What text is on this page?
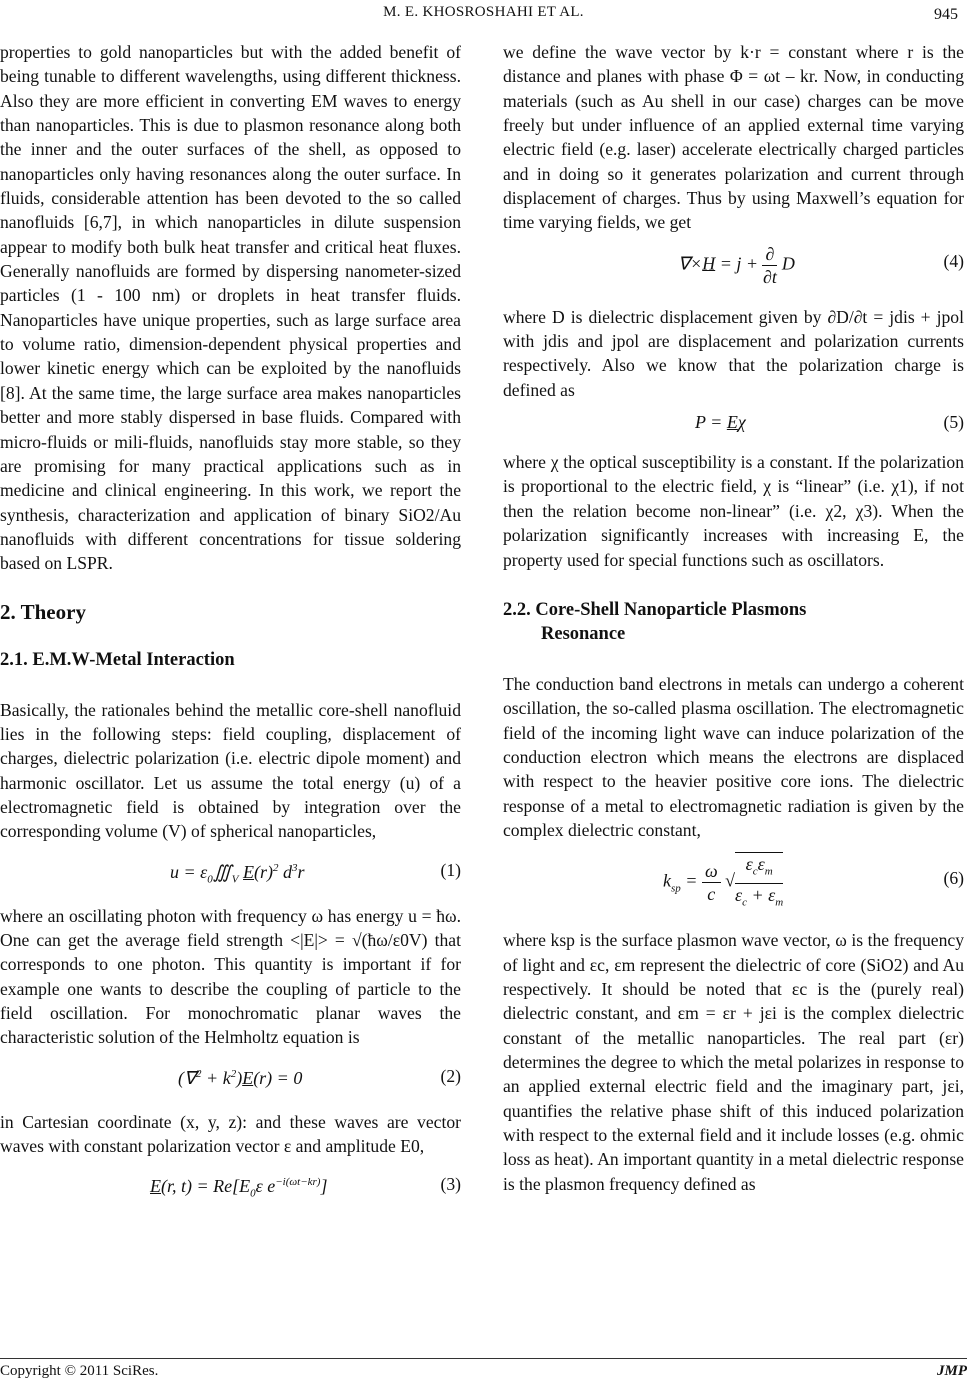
M. E. KHOSROSHAHI ET AL.	945

properties to gold nanoparticles but with the added benefit of being tunable to different wavelengths, using different thickness. Also they are more efficient in converting EM waves to energy than nanoparticles. This is due to plasmon resonance along both the inner and the outer surfaces of the shell, as opposed to nanoparticles only having resonances along the outer surface. In fluids, considerable attention has been devoted to the so called nanofluids [6,7], in which nanoparticles in dilute suspension appear to modify both bulk heat transfer and critical heat fluxes. Generally nanofluids are formed by dispersing nanometer-sized particles (1 - 100 nm) or droplets in heat transfer fluids. Nanoparticles have unique properties, such as large surface area to volume ratio, dimension-dependent physical properties and lower kinetic energy which can be exploited by the nanofluids [8]. At the same time, the large surface area makes nanoparticles better and more stably dispersed in base fluids. Compared with micro-fluids or mili-fluids, nanofluids stay more stable, so they are promising for many practical applications such as in medicine and clinical engineering. In this work, we report the synthesis, characterization and application of binary SiO2/Au nanofluids with different concentrations for tissue soldering based on LSPR.

2. Theory
2.1. E.M.W-Metal Interaction

Basically, the rationales behind the metallic core-shell nanofluid lies in the following steps: field coupling, displacement of charges, dielectric polarization (i.e. electric dipole moment) and harmonic oscillator. Let us assume the total energy (u) of a electromagnetic field is obtained by integration over the corresponding volume (V) of spherical nanoparticles,

$u = \varepsilon_0∭_V$ $E(r)^2$ $d^3r$	(1)

where an oscillating photon with frequency ω has energy u = ħω. One can get the average field strength <|E|> = √(ħω/ε0V) that corresponds to one photon. This quantity is important if for example one wants to describe the coupling of particle to the field oscillation. For monochromatic planar waves the characteristic solution of the Helmholtz equation is

$(\nabla^2 + k^2)E(r) = 0$	(2)

in Cartesian coordinate (x, y, z): and these waves are vector waves with constant polarization vector ε and amplitude E0,

E(r, $t) = Re[E_0\varepsilon$ $e^{-i(\omega t-kr)}$]	(3)

we define the wave vector by k·r = constant where r is the distance and planes with phase Φ = ωt – kr. Now, in conducting materials (such as Au shell in our case) charges can be move freely but under influence of an applied external time varying electric field (e.g. laser) accelerate electrically charged particles and in doing so it generates polarization and current through displacement of charges. Thus by using Maxwell’s equation for time varying fields, we get

$\nabla\times H = j + \frac{\partial}{\partial t}$ D	(4)

where D is dielectric displacement given by ∂D/∂t = jdis + jpol with jdis and jpol are displacement and polarization currents respectively. Also we know that the polarization charge is defined as

P = Eχ	(5)

where χ the optical susceptibility is a constant. If the polarization is proportional to the electric field, χ is “linear” (i.e. χ1), if not then the relation become non-linear” (i.e. χ2, χ3). When the polarization significantly increases with increasing E, the property used for special functions such as oscillators.

2.2. Core-Shell Nanoparticle Plasmons
Resonance

The conduction band electrons in metals can undergo a coherent oscillation, the so-called plasma oscillation. The electromagnetic field of the incoming light wave can induce polarization of the conduction electron which means the electrons are displaced with respect to the heavier positive core ions. The dielectric response of a metal to electromagnetic radiation is given by the complex dielectric constant,

$k_{sp} = \frac{\omega}{c}$ √ $\frac{\varepsilon_c\varepsilon_m}{\varepsilon_c + \varepsilon_m}$	(6)

where ksp is the surface plasmon wave vector, ω is the frequency of light and εc, εm represent the dielectric of core (SiO2) and Au respectively. It should be noted that εc is the (purely real) dielectric constant, and εm = εr + jεi is the complex dielectric constant of the metallic nanoparticles. The real part (εr) determines the degree to which the metal polarizes in response to an applied external electric field and the imaginary part, jεi, quantifies the relative phase shift of this induced polarization with respect to the external field and it include losses (e.g. ohmic loss as heat). An important quantity in a metal dielectric response is the plasmon frequency defined as

Copyright © 2011 SciRes.	JMP
